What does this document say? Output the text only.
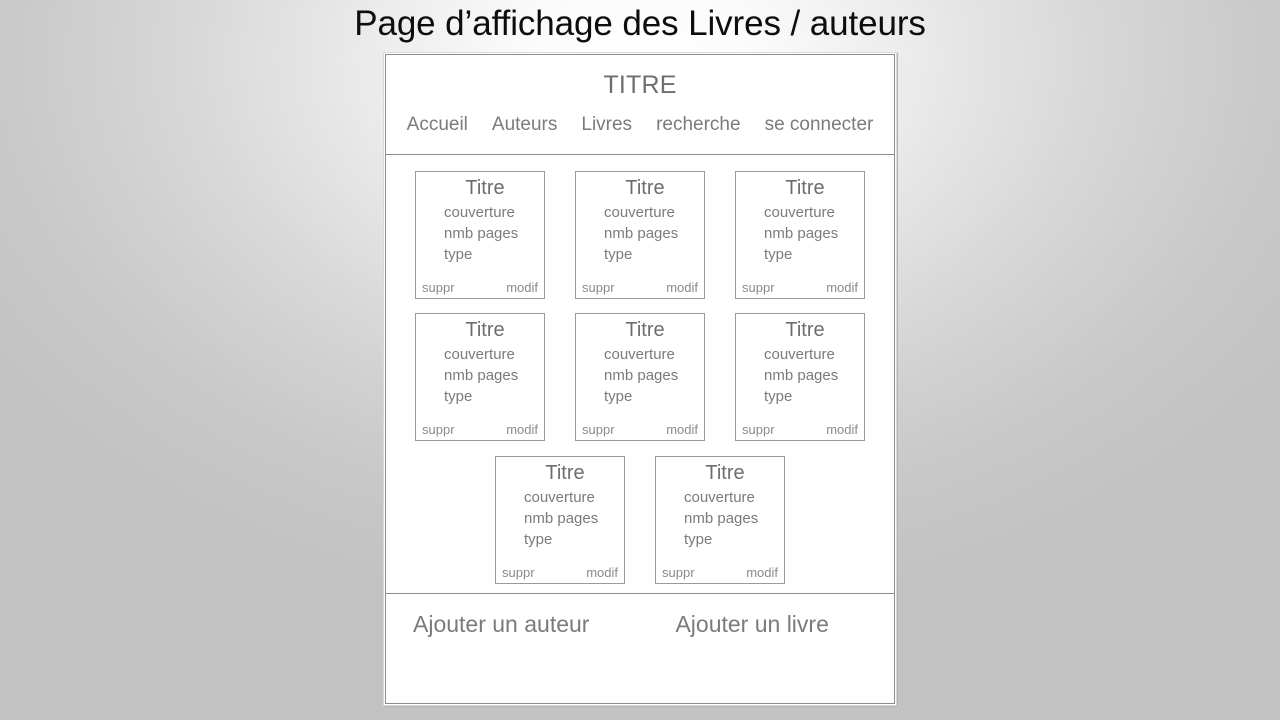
Page d’affichage des Livres / auteurs
TITRE
Accueil Auteurs Livres recherche se connecter
Titre
couverture
nmb pages
type
suppr	modif
Titre
couverture
nmb pages
type
suppr	modif
Titre
couverture
nmb pages
type
suppr	modif
Titre
couverture
nmb pages
type
suppr	modif
Titre
couverture
nmb pages
type
suppr	modif
Titre
couverture
nmb pages
type
suppr	modif
Titre
couverture
nmb pages
type
suppr	modif
Titre
couverture
nmb pages
type
suppr	modif
Ajouter un auteur	Ajouter un livre
